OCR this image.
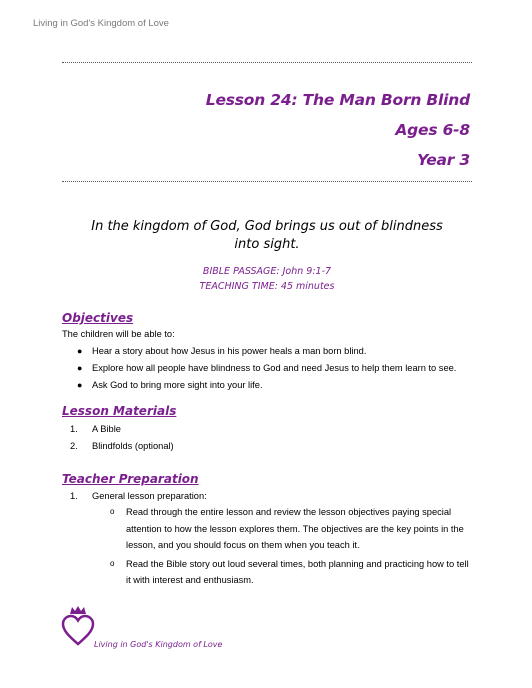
Living in God's Kingdom of Love
Lesson 24: The Man Born Blind
Ages 6-8
Year 3
In the kingdom of God, God brings us out of blindness
into sight.
BIBLE PASSAGE: John 9:1-7
TEACHING TIME: 45 minutes
Objectives
The children will be able to:
● Hear a story about how Jesus in his power heals a man born blind.
● Explore how all people have blindness to God and need Jesus to help them learn to see.
● Ask God to bring more sight into your life.
Lesson Materials
1. A Bible
2. Blindfolds (optional)
Teacher Preparation
1. General lesson preparation:
o Read through the entire lesson and review the lesson objectives paying special attention to how the lesson explores them. The objectives are the key points in the lesson, and you should focus on them when you teach it.
o Read the Bible story out loud several times, both planning and practicing how to tell it with interest and enthusiasm.
Living in God's Kingdom of Love
